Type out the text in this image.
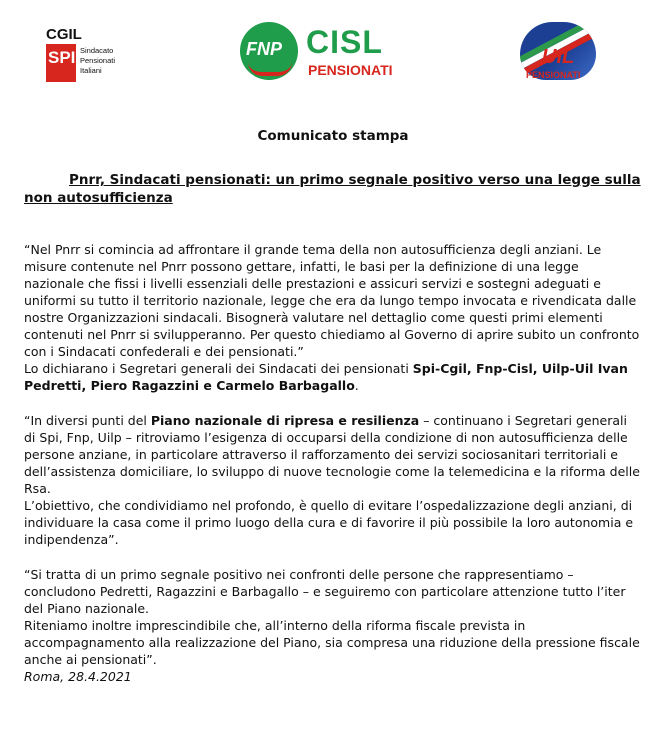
CGIL
SPI Sindacato
Pensionati
Italiani
FNP CISL
PENSIONATI
UIL
PENSIONATI

Comunicato stampa

Pnrr, Sindacati pensionati: un primo segnale positivo verso una legge sulla non autosufficienza

“Nel Pnrr si comincia ad affrontare il grande tema della non autosufficienza degli anziani. Le misure contenute nel Pnrr possono gettare, infatti, le basi per la definizione di una legge nazionale che fissi i livelli essenziali delle prestazioni e assicuri servizi e sostegni adeguati e uniformi su tutto il territorio nazionale, legge che era da lungo tempo invocata e rivendicata dalle nostre Organizzazioni sindacali. Bisognerà valutare nel dettaglio come questi primi elementi contenuti nel Pnrr si svilupperanno. Per questo chiediamo al Governo di aprire subito un confronto con i Sindacati confederali e dei pensionati.”

Lo dichiarano i Segretari generali dei Sindacati dei pensionati Spi-Cgil, Fnp-Cisl, Uilp-Uil Ivan Pedretti, Piero Ragazzini e Carmelo Barbagallo.

“In diversi punti del Piano nazionale di ripresa e resilienza – continuano i Segretari generali di Spi, Fnp, Uilp – ritroviamo l’esigenza di occuparsi della condizione di non autosufficienza delle persone anziane, in particolare attraverso il rafforzamento dei servizi sociosanitari territoriali e dell’assistenza domiciliare, lo sviluppo di nuove tecnologie come la telemedicina e la riforma delle Rsa.

L’obiettivo, che condividiamo nel profondo, è quello di evitare l’ospedalizzazione degli anziani, di individuare la casa come il primo luogo della cura e di favorire il più possibile la loro autonomia e indipendenza”.

“Si tratta di un primo segnale positivo nei confronti delle persone che rappresentiamo – concludono Pedretti, Ragazzini e Barbagallo – e seguiremo con particolare attenzione tutto l’iter del Piano nazionale.

Riteniamo inoltre imprescindibile che, all’interno della riforma fiscale prevista in accompagnamento alla realizzazione del Piano, sia compresa una riduzione della pressione fiscale anche ai pensionati”.

Roma, 28.4.2021
